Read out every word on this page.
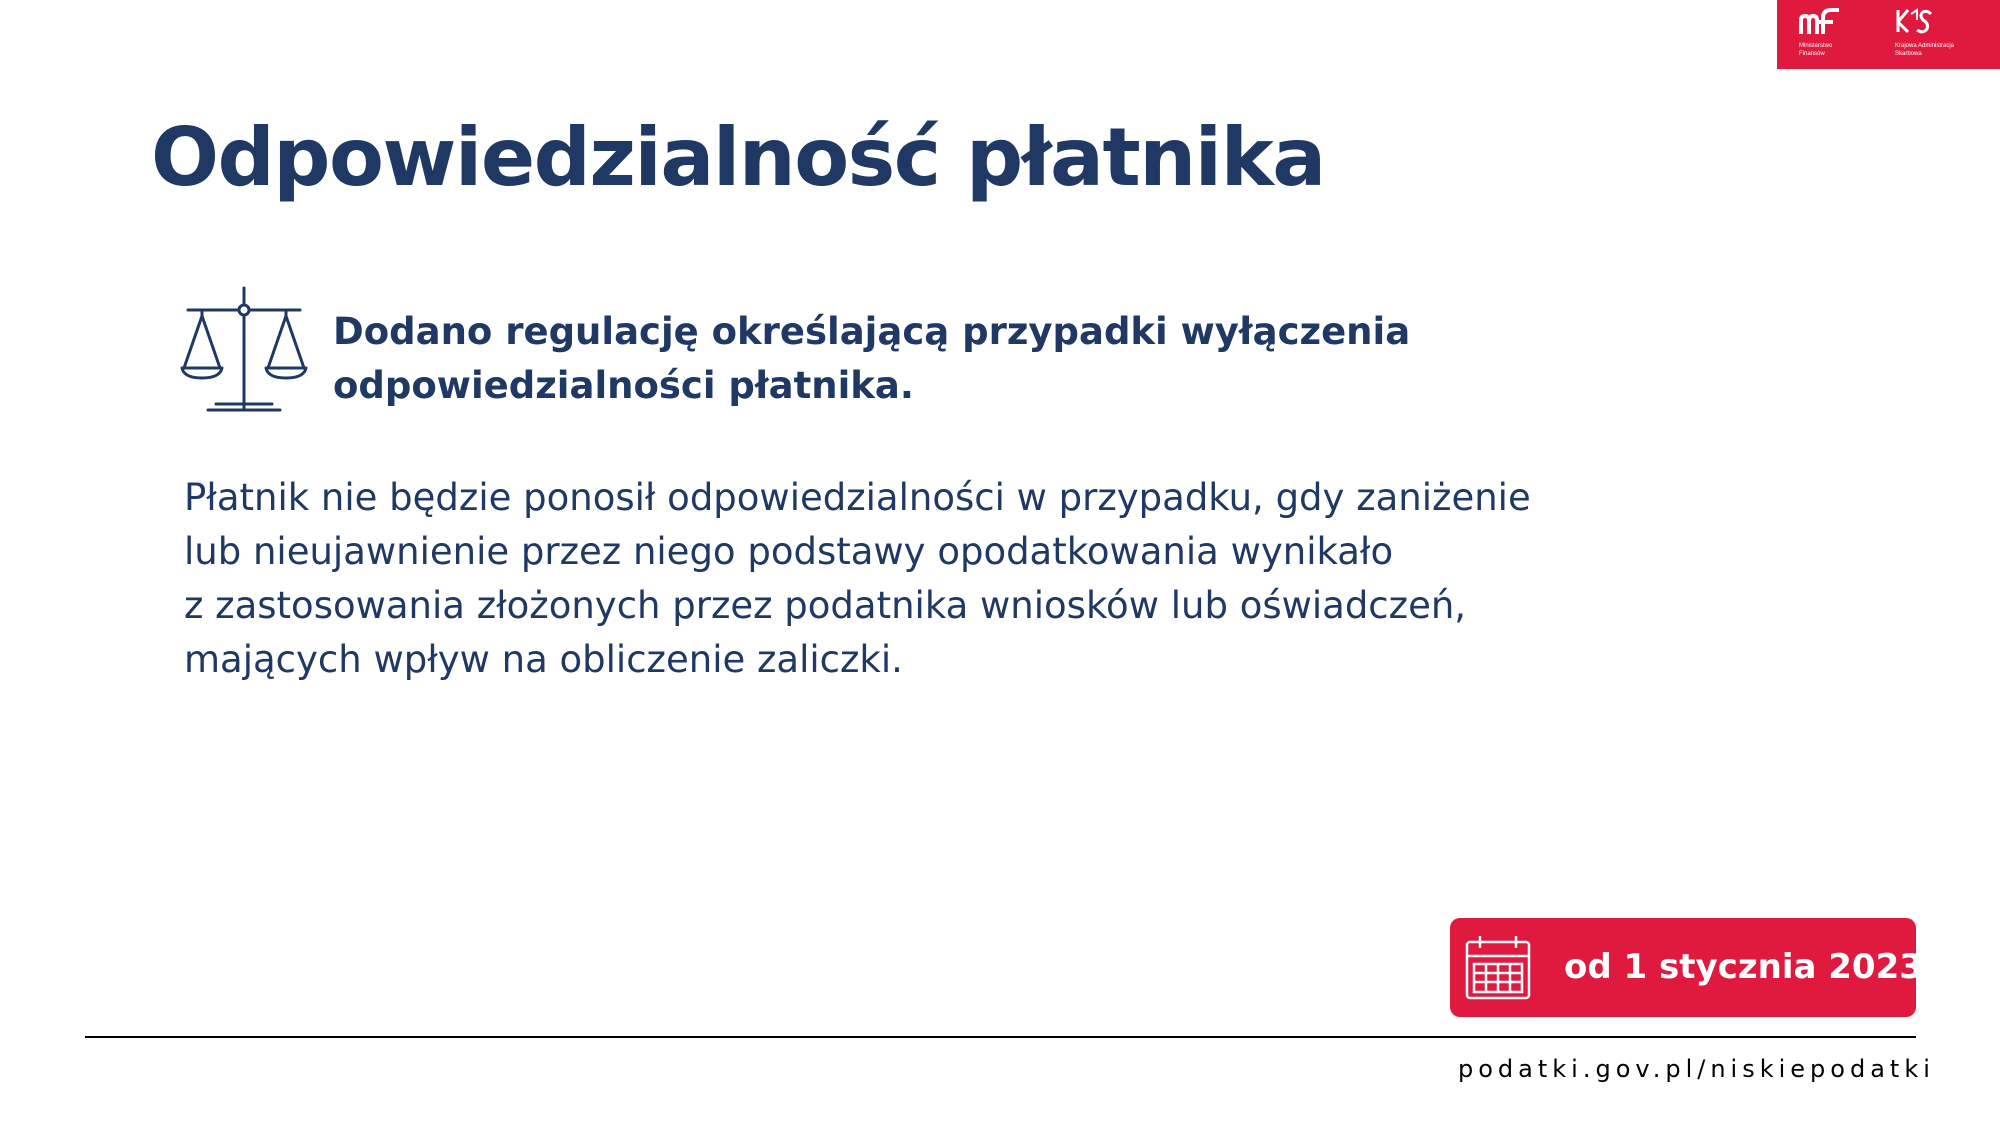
Ministerstwo
Finansów
Krajowa Administracja
Skarbowa
Odpowiedzialność płatnika
Dodano regulację określającą przypadki wyłączenia
odpowiedzialności płatnika.
Płatnik nie będzie ponosił odpowiedzialności w przypadku, gdy zaniżenie
lub nieujawnienie przez niego podstawy opodatkowania wynikało
z zastosowania złożonych przez podatnika wniosków lub oświadczeń,
mających wpływ na obliczenie zaliczki.
od 1 stycznia 2023 r.
podatki.gov.pl/niskiepodatki
